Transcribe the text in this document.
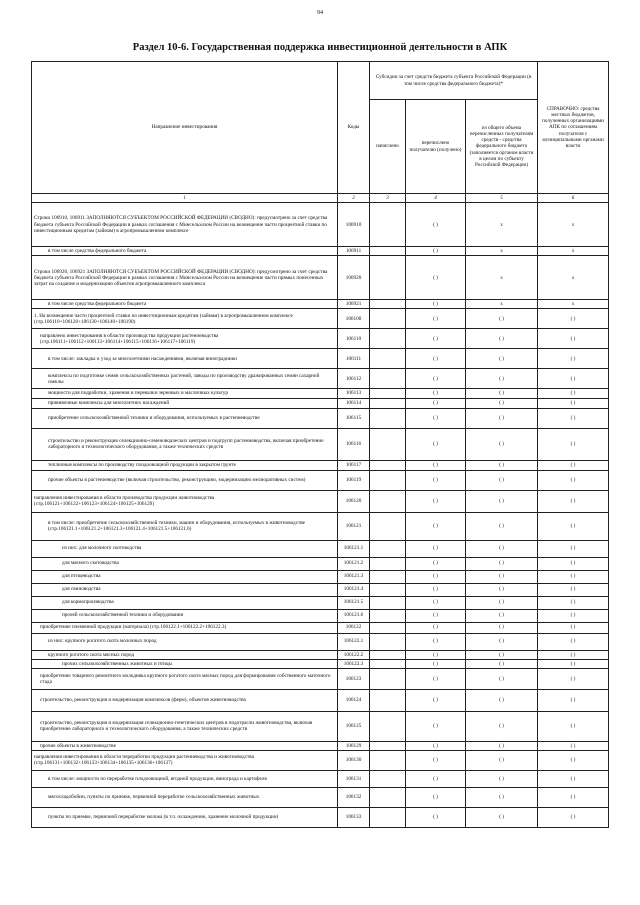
94
Раздел 10-6. Государственная поддержка инвестиционной деятельности в АПК
Направление инвестирования	Коды	Субсидии за счет средств бюджета субъекта Российской Федерации (в том числе средства федерального бюджета)*			СПРАВОЧНО: средства местных бюджетов, полученных организациями АПК по соглашениям получателя с муниципальными органами власти
		начислено	перечислено получателю (получено)	из общего объема перечисленных получателям средств - средства федерального бюджета (заполняется органом власти в целом по субъекту Российской Федерации)	
1	2	3	4	5	6
Строки 106910, 106911 ЗАПОЛНЯЮТСЯ СУБЪЕКТОМ РОССИЙСКОЙ ФЕДЕРАЦИИ (СВОДНО): предусмотрено за счет средства бюджета субъекта Российской Федерации в рамках соглашения с Минсельхозом России на возмещение части процентной ставки по инвестиционным кредитам (займам) в агропромышленном комплексе	106910		( )	х	х
в том числе средства федерального бюджета	106911		( )	х	х
Строки 106920, 106921 ЗАПОЛНЯЮТСЯ СУБЪЕКТОМ РОССИЙСКОЙ ФЕДЕРАЦИИ (СВОДНО): предусмотрено за счет средства бюджета субъекта Российской Федерации в рамках соглашения с Минсельхозом России на возмещение части прямых понесенных затрат на создание и модернизацию объектов агропромышленного комплекса	106920		( )	х	х
в том числе средства федерального бюджета	106921		( )	х	х
1. На возмещение части процентной ставки по инвестиционным кредитам (займам) в агропромышленном комплексе (стр.106110+106120+106130+106140+106190)	106100		( )	( )	( )
направлено инвестирования в области производства продукции растениеводства (стр.106111+106112+106113+106114+106115+106116+106117+106119)	106110		( )	( )	( )
в том числе: закладка и уход за многолетними насаждениями, включая виноградники	106111		( )	( )	( )
комплексы по подготовке семян сельскохозяйственных растений, заводы по производству дражированных семян сахарной свеклы	106112		( )	( )	( )
мощности для подработки, хранения и перевалки зерновых и масличных культур	106113		( )	( )	( )
прививочные комплексы для многолетних насаждений	106114		( )	( )	( )
приобретение сельскохозяйственной техники и оборудования, используемых в растениеводстве	106115		( )	( )	( )
строительство и реконструкция селекционно-семеноводческих центров и подгрупп растениеводства, включая приобретение лабораторного и технологического оборудования, а также технических средств	106116		( )	( )	( )
тепличные комплексы по производству плодоовощной продукции в закрытом грунте	106117		( )	( )	( )
прочие объекты в растениеводстве (включая строительство, реконструкцию, модернизацию мелиоративных систем)	106119		( )	( )	( )
направления инвестирования в области производства продукции животноводства (стр.106121+106122+106123+106124+106125+106129)	106120		( )	( )	( )
в том числе: приобретение сельскохозяйственной техники, машин и оборудования, используемых в животноводстве (стр.106121.1+106121.2+106121.3+106121.4+106121.5+106121.6)	106121		( )	( )	( )
из них: для молочного скотоводства	106121.1		( )	( )	( )
для мясного скотоводства	106121.2		( )	( )	( )
для птицеводства	106121.3		( )	( )	( )
для свиноводства	106121.4		( )	( )	( )
для кормопроизводства	106121.5		( )	( )	( )
прочей сельскохозяйственной техники и оборудования	106121.6		( )	( )	( )
приобретение племенной продукции (материала) (стр.106122.1+106122.2+106122.3)	106122		( )	( )	( )
из них: крупного рогатого скота молочных пород	106122.1		( )	( )	( )
крупного рогатого скота мясных пород	106122.2		( )	( )	( )
прочих сельскохозяйственных животных и птицы	106122.3		( )	( )	( )
приобретение товарного ремонтного молодняка крупного рогатого скота мясных пород для формирования собственного маточного стада	106123		( )	( )	( )
строительство, реконструкция и модернизация комплексов (ферм), объектов животноводства	106124		( )	( )	( )
строительство, реконструкция и модернизация селекционно-генетических центров в подотрасли животноводства, включая приобретение лабораторного и технологического оборудования, а также технических средств	106125		( )	( )	( )
прочие объекты в животноводстве	106129		( )	( )	( )
направления инвестирования в области переработки продукции растениеводства и животноводства (стр.106131+106132+106133+106134+106135+106136+106137)	106130		( )	( )	( )
в том числе: мощности по переработке плодоовощной, ягодной продукции, винограда и картофеля	106131		( )	( )	( )
мясохладобойни, пункты по приемке, первичной переработке сельскохозяйственных животных	106132		( )	( )	( )
пункты по приемке, первичной переработке молока (в т.ч. охлаждению, хранение молочной продукции)	106133		( )	( )	( )
